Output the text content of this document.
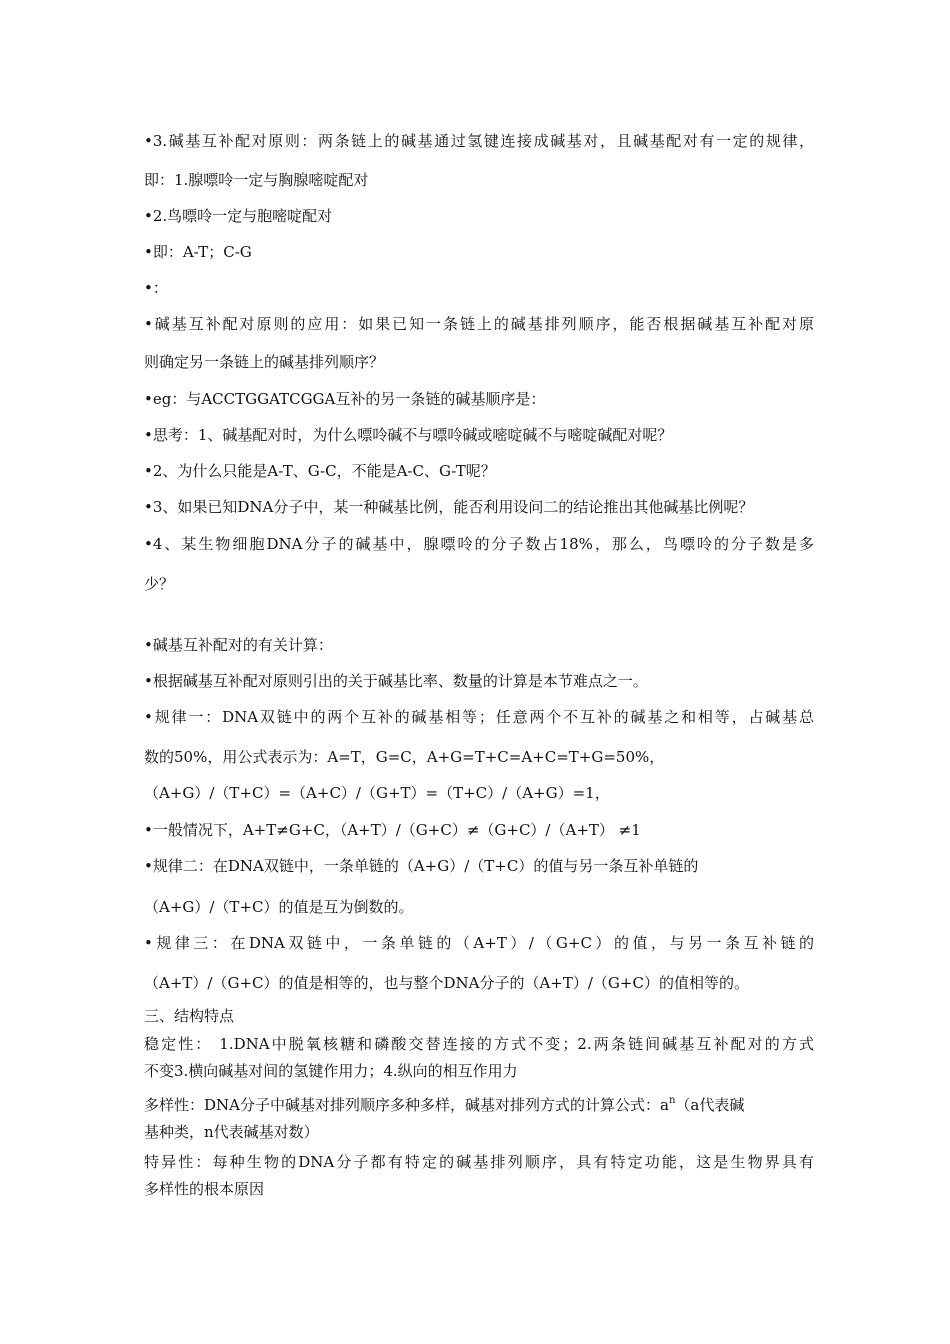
•3.碱基互补配对原则：两条链上的碱基通过氢键连接成碱基对，且碱基配对有一定的规律，
即：1.腺嘌呤一定与胸腺嘧啶配对
•2.鸟嘌呤一定与胞嘧啶配对
•即：A-T；C-G
•：
•碱基互补配对原则的应用：如果已知一条链上的碱基排列顺序，能否根据碱基互补配对原
则确定另一条链上的碱基排列顺序？
•eg：与ACCTGGATCGGA互补的另一条链的碱基顺序是：
•思考：1、碱基配对时，为什么嘌呤碱不与嘌呤碱或嘧啶碱不与嘧啶碱配对呢？
•2、为什么只能是A-T、G-C，不能是A-C、G-T呢？
•3、如果已知DNA分子中，某一种碱基比例，能否利用设问二的结论推出其他碱基比例呢？
•4、某生物细胞DNA分子的碱基中，腺嘌呤的分子数占18%，那么，鸟嘌呤的分子数是多
少？
•碱基互补配对的有关计算：
•根据碱基互补配对原则引出的关于碱基比率、数量的计算是本节难点之一。
•规律一：DNA双链中的两个互补的碱基相等；任意两个不互补的碱基之和相等，占碱基总
数的50%，用公式表示为：A=T，G=C，A+G=T+C=A+C=T+G=50%，
（A+G）/（T+C）=（A+C）/（G+T）=（T+C）/（A+G）=1，
•一般情况下，A+T≠G+C，（A+T）/（G+C）≠（G+C）/（A+T） ≠1
•规律二：在DNA双链中，一条单链的（A+G）/（T+C）的值与另一条互补单链的
（A+G）/（T+C）的值是互为倒数的。
•规律三：在DNA双链中，一条单链的（A+T）/（G+C）的值，与另一条互补链的
（A+T）/（G+C）的值是相等的，也与整个DNA分子的（A+T）/（G+C）的值相等的。
三、结构特点
稳定性： 1.DNA中脱氧核糖和磷酸交替连接的方式不变；2.两条链间碱基互补配对的方式
不变3.横向碱基对间的氢键作用力；4.纵向的相互作用力
多样性：DNA分子中碱基对排列顺序多种多样，碱基对排列方式的计算公式：$a^n(a$代表碱
基种类，n代表碱基对数）
特异性：每种生物的DNA分子都有特定的碱基排列顺序，具有特定功能，这是生物界具有
多样性的根本原因
